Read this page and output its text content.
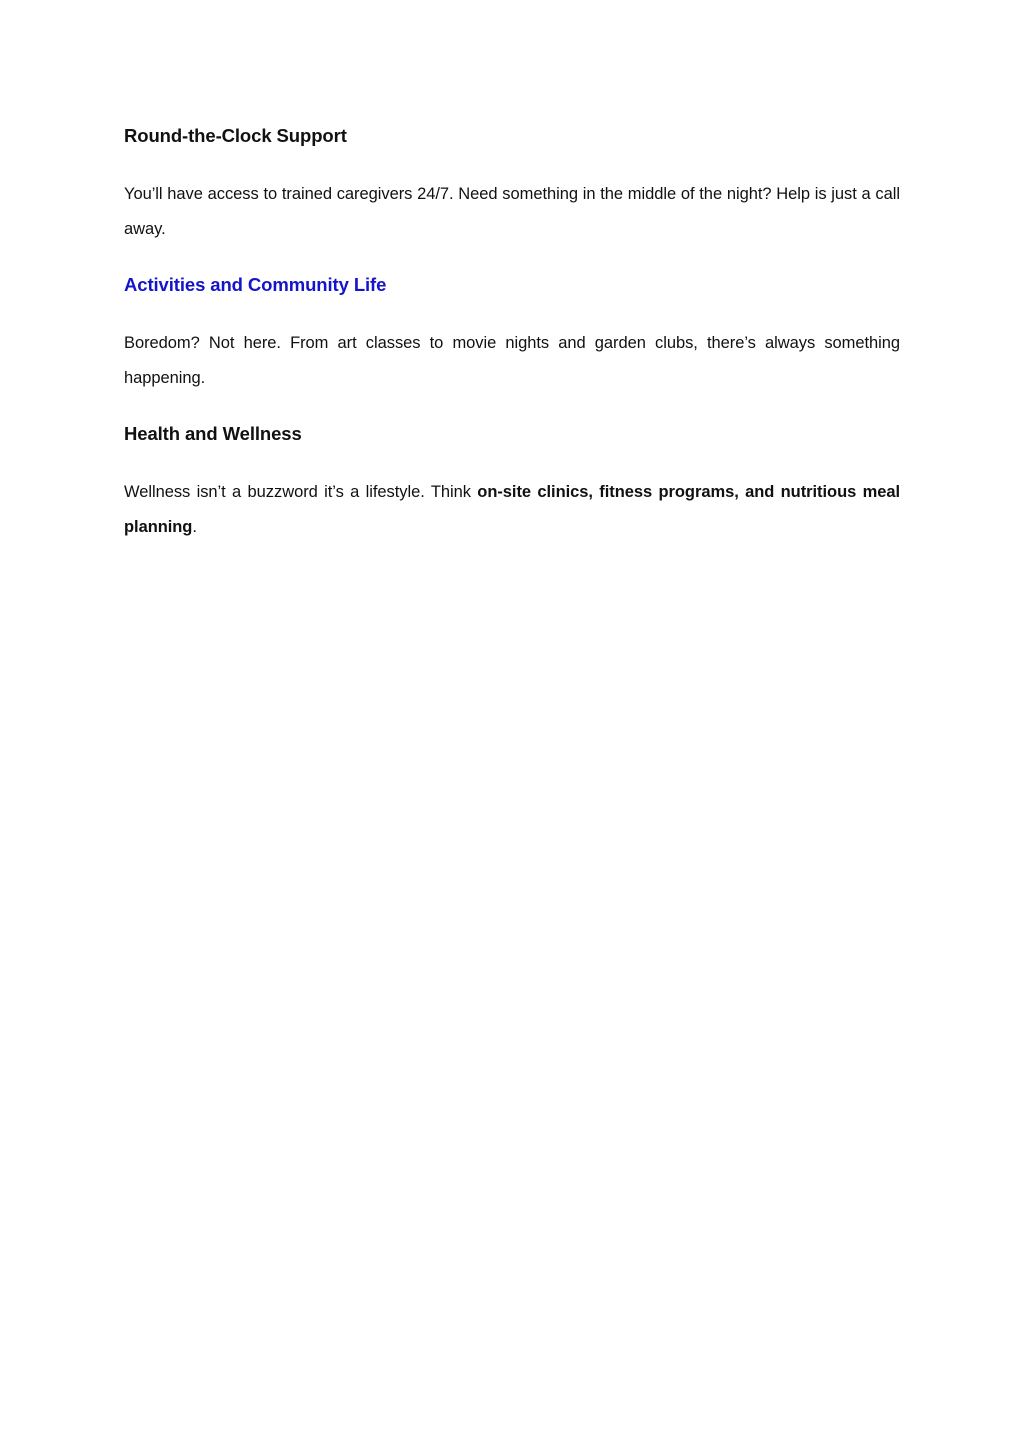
Round-the-Clock Support

You’ll have access to trained caregivers 24/7. Need something in the middle of the night? Help is just a call away.

Activities and Community Life

Boredom? Not here. From art classes to movie nights and garden clubs, there’s always something happening.

Health and Wellness

Wellness isn’t a buzzword it’s a lifestyle. Think on-site clinics, fitness programs, and nutritious meal planning.
